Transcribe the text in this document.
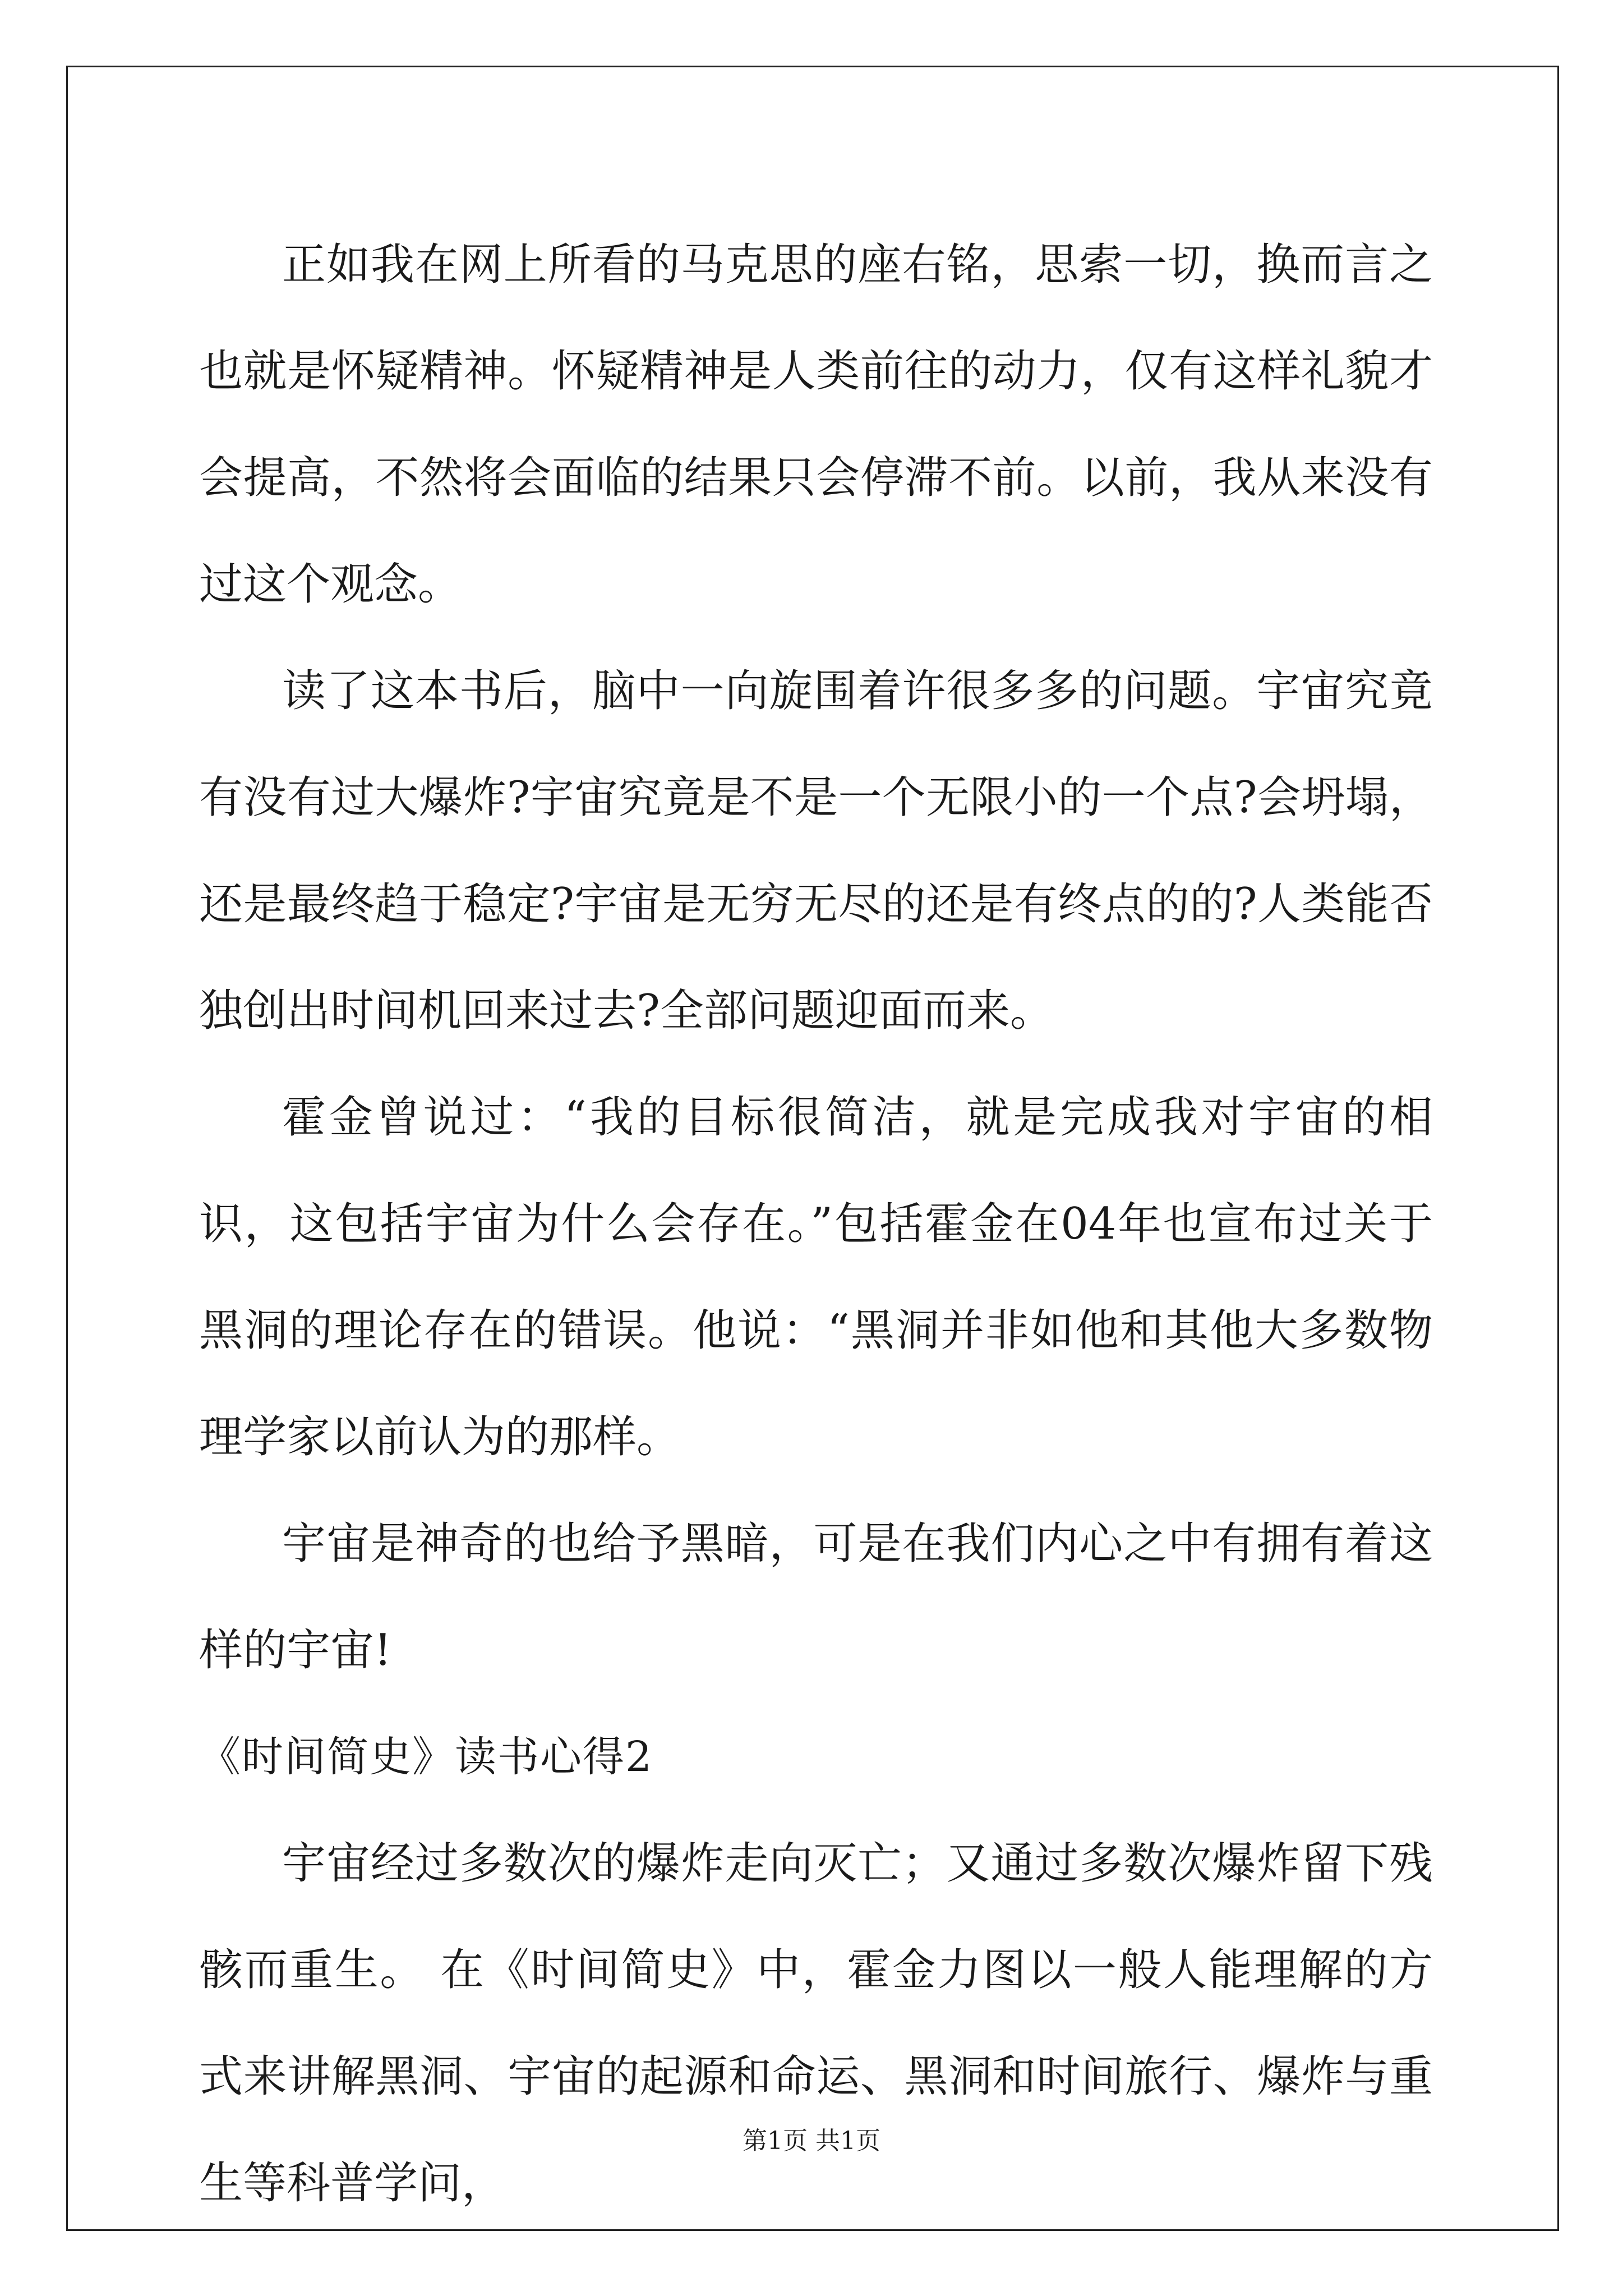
正如我在网上所看的马克思的座右铭，思索一切，换而言之也就是怀疑精神。怀疑精神是人类前往的动力，仅有这样礼貌才会提高，不然将会面临的结果只会停滞不前。以前，我从来没有过这个观念。

读了这本书后，脑中一向旋围着许很多多的问题。宇宙究竟有没有过大爆炸?宇宙究竟是不是一个无限小的一个点?会坍塌，还是最终趋于稳定?宇宙是无穷无尽的还是有终点的的?人类能否独创出时间机回来过去?全部问题迎面而来。

霍金曾说过：“我的目标很简洁，就是完成我对宇宙的相识，这包括宇宙为什么会存在。”包括霍金在04年也宣布过关于黑洞的理论存在的错误。他说：“黑洞并非如他和其他大多数物理学家以前认为的那样。

宇宙是神奇的也给予黑暗，可是在我们内心之中有拥有着这样的宇宙!

《时间简史》读书心得2

宇宙经过多数次的爆炸走向灭亡；又通过多数次爆炸留下残骸而重生。 在《时间简史》中，霍金力图以一般人能理解的方式来讲解黑洞、宇宙的起源和命运、黑洞和时间旅行、爆炸与重生等科普学问，

第1页 共1页
